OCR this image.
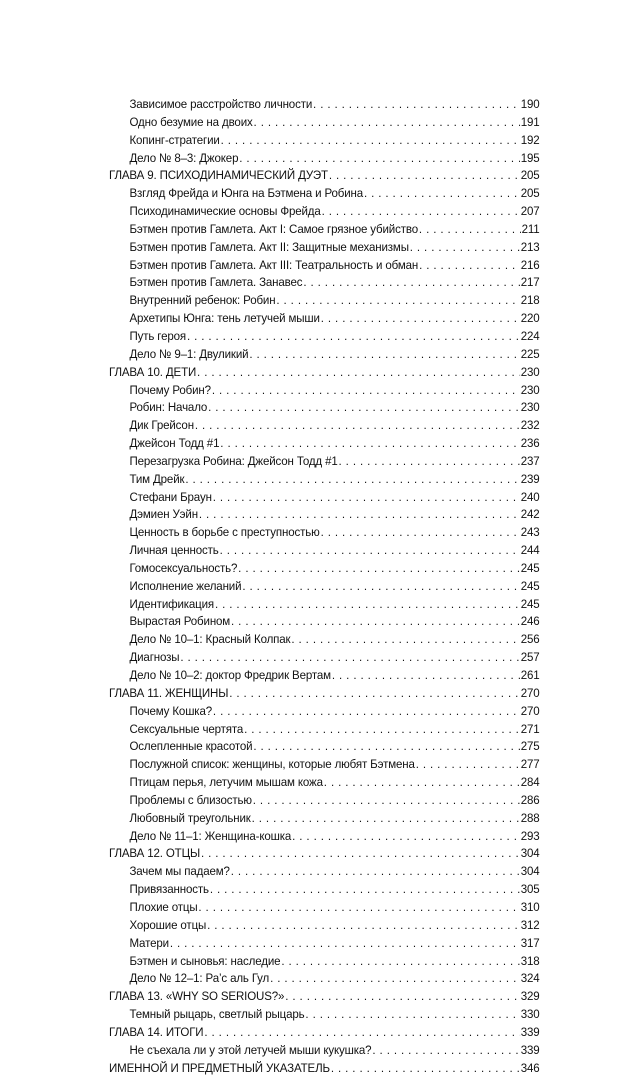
Зависимое расстройство личности . . .	190
Одно безумие на двоих . . .	191
Копинг-стратегии . . .	192
Дело № 8–3: Джокер . . .	195
ГЛАВА 9. ПСИХОДИНАМИЧЕСКИЙ ДУЭТ . . .	205
Взгляд Фрейда и Юнга на Бэтмена и Робина . . .	205
Психодинамические основы Фрейда . . .	207
Бэтмен против Гамлета. Акт I: Самое грязное убийство . . .	211
Бэтмен против Гамлета. Акт II: Защитные механизмы . . .	213
Бэтмен против Гамлета. Акт III: Театральность и обман . . .	216
Бэтмен против Гамлета. Занавес . . .	217
Внутренний ребенок: Робин . . .	218
Архетипы Юнга: тень летучей мыши . . .	220
Путь героя . . .	224
Дело № 9–1: Двуликий . . .	225
ГЛАВА 10. ДЕТИ . . .	230
Почему Робин? . . .	230
Робин: Начало . . .	230
Дик Грейсон . . .	232
Джейсон Тодд #1 . . .	236
Перезагрузка Робина: Джейсон Тодд #1 . . .	237
Тим Дрейк . . .	239
Стефани Браун . . .	240
Дэмиен Уэйн . . .	242
Ценность в борьбе с преступностью . . .	243
Личная ценность . . .	244
Гомосексуальность? . . .	245
Исполнение желаний . . .	245
Идентификация . . .	245
Вырастая Робином . . .	246
Дело № 10–1: Красный Колпак . . .	256
Диагнозы . . .	257
Дело № 10–2: доктор Фредрик Вертам . . .	261
ГЛАВА 11. ЖЕНЩИНЫ . . .	270
Почему Кошка? . . .	270
Сексуальные чертята . . .	271
Ослепленные красотой . . .	275
Послужной список: женщины, которые любят Бэтмена . . .	277
Птицам перья, летучим мышам кожа . . .	284
Проблемы с близостью . . .	286
Любовный треугольник . . .	288
Дело № 11–1: Женщина-кошка . . .	293
ГЛАВА 12. ОТЦЫ . . .	304
Зачем мы падаем? . . .	304
Привязанность . . .	305
Плохие отцы . . .	310
Хорошие отцы . . .	312
Матери . . .	317
Бэтмен и сыновья: наследие . . .	318
Дело № 12–1: Ра’с аль Гул . . .	324
ГЛАВА 13. «WHY SO SERIOUS?» . . .	329
Темный рыцарь, светлый рыцарь . . .	330
ГЛАВА 14. ИТОГИ . . .	339
Не съехала ли у этой летучей мыши кукушка? . . .	339
ИМЕННОЙ И ПРЕДМЕТНЫЙ УКАЗАТЕЛЬ . . .	346
